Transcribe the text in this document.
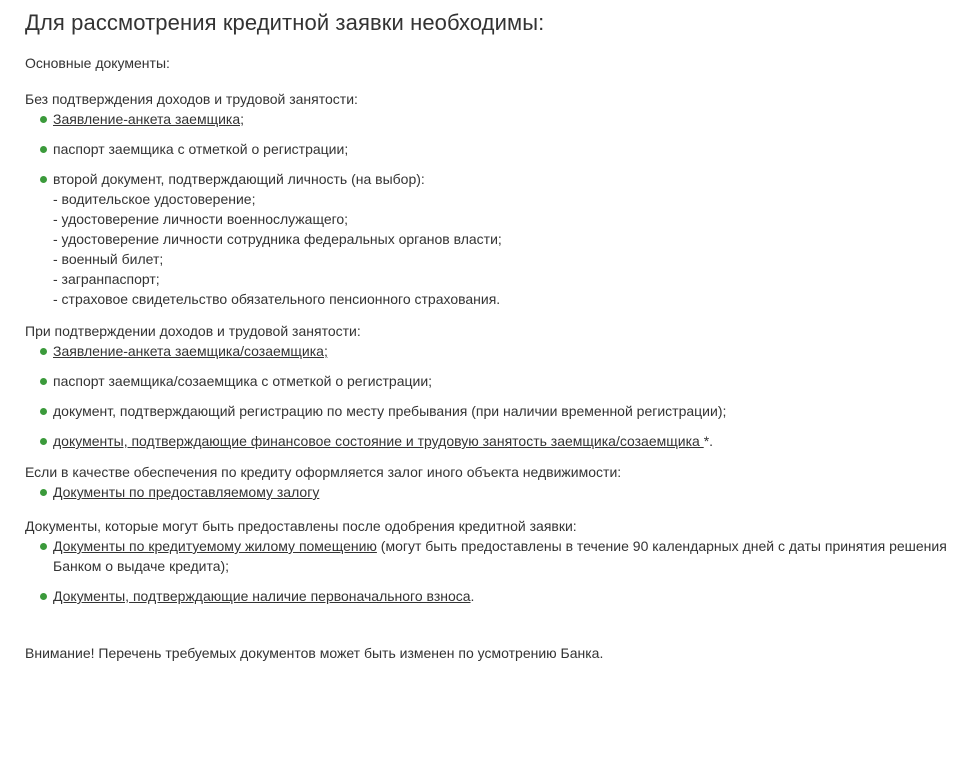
Для рассмотрения кредитной заявки необходимы:

Основные документы:

Без подтверждения доходов и трудовой занятости:

Заявление-анкета заемщика;
паспорт заемщика с отметкой о регистрации;
второй документ, подтверждающий личность (на выбор):
- водительское удостоверение;
- удостоверение личности военнослужащего;
- удостоверение личности сотрудника федеральных органов власти;
- военный билет;
- загранпаспорт;
- страховое свидетельство обязательного пенсионного страхования.

При подтверждении доходов и трудовой занятости:

Заявление-анкета заемщика/созаемщика;
паспорт заемщика/созаемщика с отметкой о регистрации;
документ, подтверждающий регистрацию по месту пребывания (при наличии временной регистрации);
документы, подтверждающие финансовое состояние и трудовую занятость заемщика/созаемщика *.

Если в качестве обеспечения по кредиту оформляется залог иного объекта недвижимости:

Документы по предоставляемому залогу

Документы, которые могут быть предоставлены после одобрения кредитной заявки:

Документы по кредитуемому жилому помещению (могут быть предоставлены в течение 90 календарных дней с даты принятия решения Банком о выдаче кредита);
Документы, подтверждающие наличие первоначального взноса.

Внимание! Перечень требуемых документов может быть изменен по усмотрению Банка.
